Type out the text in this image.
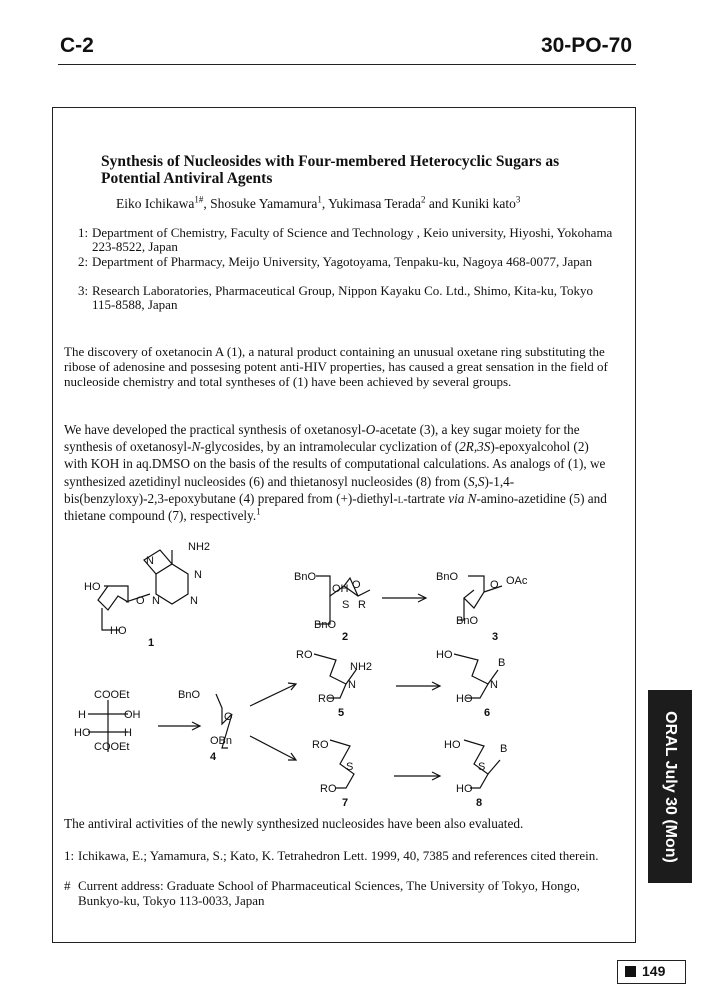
C-2	30-PO-70
Synthesis of Nucleosides with Four-membered Heterocyclic Sugars as Potential Antiviral Agents
Eiko Ichikawa$^{1\#}$, Shosuke Yamamura$^1$, Yukimasa Terada$^2$ and Kuniki kato$^3$
1: Department of Chemistry, Faculty of Science and Technology , Keio university, Hiyoshi, Yokohama 223-8522, Japan
2: Department of Pharmacy, Meijo University, Yagotoyama, Tenpaku-ku, Nagoya 468-0077, Japan
3: Research Laboratories, Pharmaceutical Group, Nippon Kayaku Co. Ltd., Shimo, Kita-ku, Tokyo 115-8588, Japan
The discovery of oxetanocin A (1), a natural product containing an unusual oxetane ring substituting the ribose of adenosine and possesing potent anti-HIV properties, has caused a great sensation in the field of nucleoside chemistry and total syntheses of (1) have been achieved by several groups.
We have developed the practical synthesis of oxetanosyl-O-acetate (3), a key sugar moiety for the synthesis of oxetanosyl-N-glycosides, by an intramolecular cyclization of (2R,3S)-epoxyalcohol (2) with KOH in aq.DMSO on the basis of the results of computational calculations. As analogs of (1), we synthesized azetidinyl nucleosides (6) and thietanosyl nucleosides (8) from (S,S)-1,4-bis(benzyloxy)-2,3-epoxybutane (4) prepared from (+)-diethyl-l-tartrate via N-amino-azetidine (5) and thietane compound (7), respectively.$^1$
NH2
N
N
N
N
HO
O
HO
1
BnO
OH O
S R
BnO
2
BnO
O OAc
BnO
3
RO
N
NH2
RO
5
HO
N
B
HO
6
COOEt
H	OH
HO	H
COOEt
BnO
O
OBn
4
RO
S
RO
7
HO
S
B
HO
8
The antiviral activities of the newly synthesized nucleosides have been also evaluated.
1: Ichikawa, E.; Yamamura, S.; Kato, K. Tetrahedron Lett. 1999, 40, 7385 and references cited therein.
# Current address: Graduate School of Pharmaceutical Sciences, The University of Tokyo, Hongo, Bunkyo-ku, Tokyo 113-0033, Japan
ORAL July 30 (Mon)
149
